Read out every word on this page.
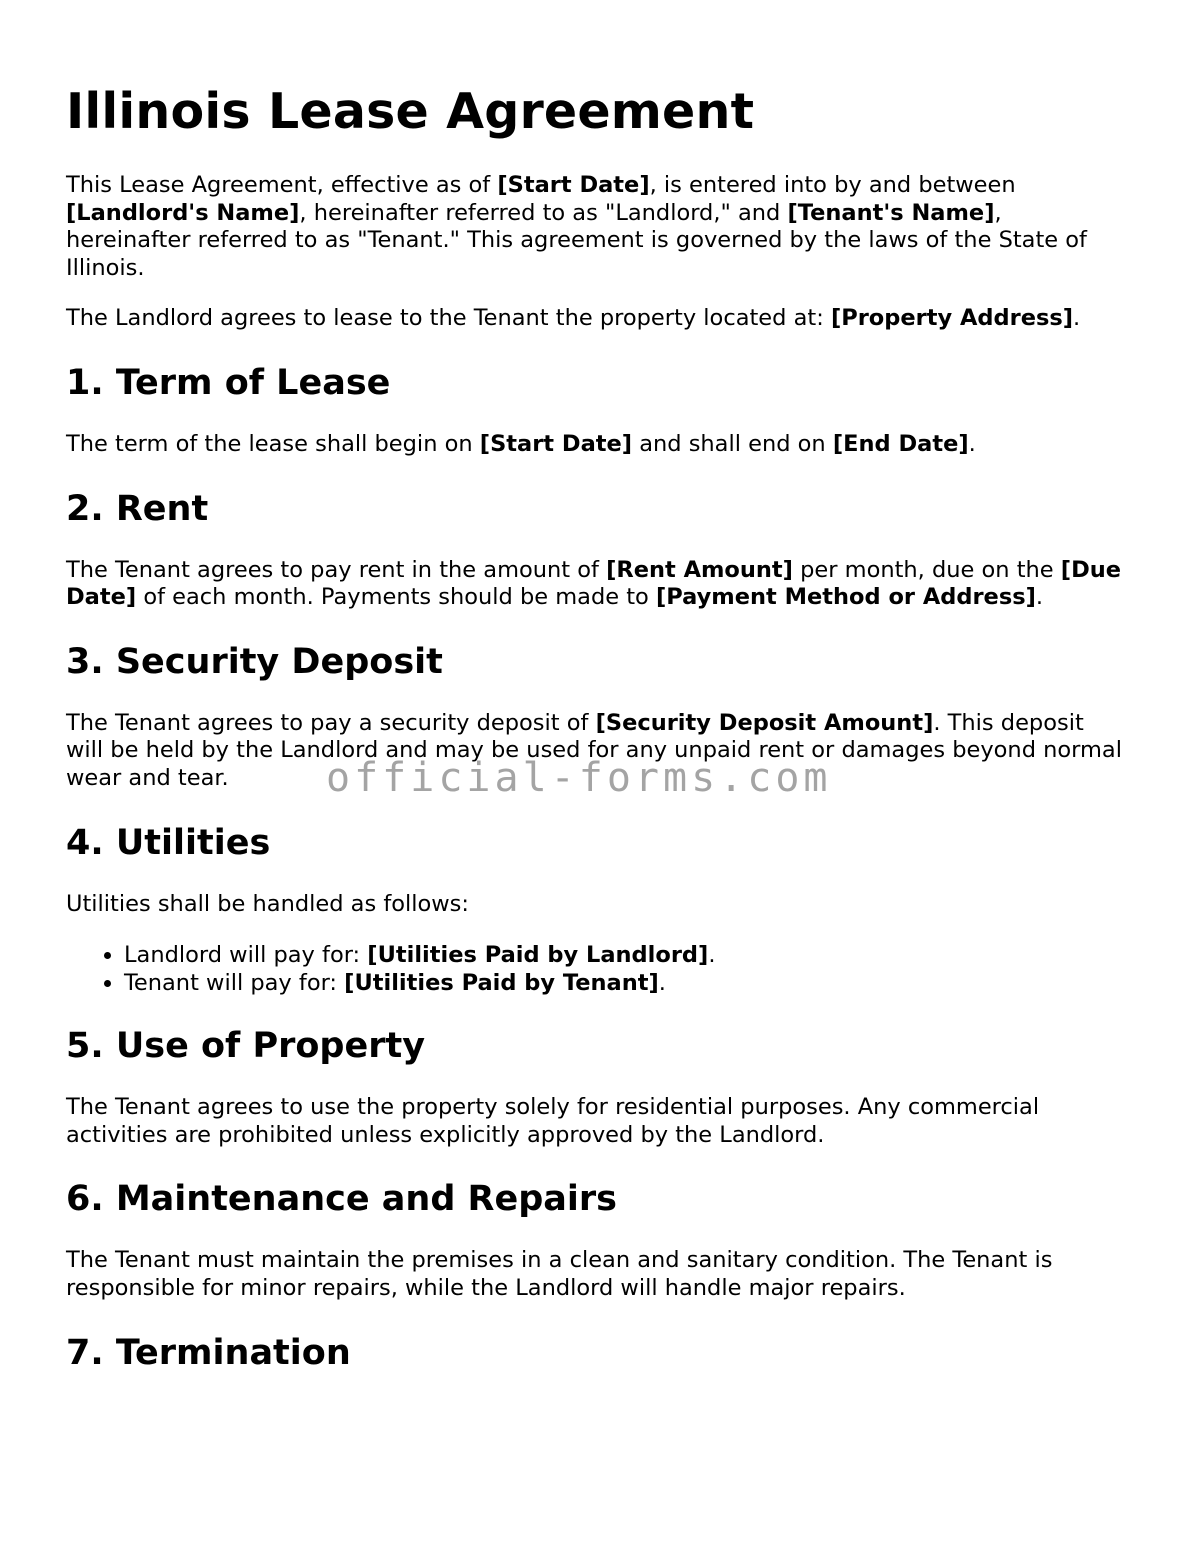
Illinois Lease Agreement

This Lease Agreement, effective as of [Start Date], is entered into by and between [Landlord's Name], hereinafter referred to as "Landlord," and [Tenant's Name], hereinafter referred to as "Tenant." This agreement is governed by the laws of the State of Illinois.

The Landlord agrees to lease to the Tenant the property located at: [Property Address].

1. Term of Lease

The term of the lease shall begin on [Start Date] and shall end on [End Date].

2. Rent

The Tenant agrees to pay rent in the amount of [Rent Amount] per month, due on the [Due Date] of each month. Payments should be made to [Payment Method or Address].

3. Security Deposit

The Tenant agrees to pay a security deposit of [Security Deposit Amount]. This deposit will be held by the Landlord and may be used for any unpaid rent or damages beyond normal wear and tear.

4. Utilities

Utilities shall be handled as follows:

• Landlord will pay for: [Utilities Paid by Landlord].
• Tenant will pay for: [Utilities Paid by Tenant].
5. Use of Property

The Tenant agrees to use the property solely for residential purposes. Any commercial activities are prohibited unless explicitly approved by the Landlord.

6. Maintenance and Repairs

The Tenant must maintain the premises in a clean and sanitary condition. The Tenant is responsible for minor repairs, while the Landlord will handle major repairs.

7. Termination
official-forms.com
